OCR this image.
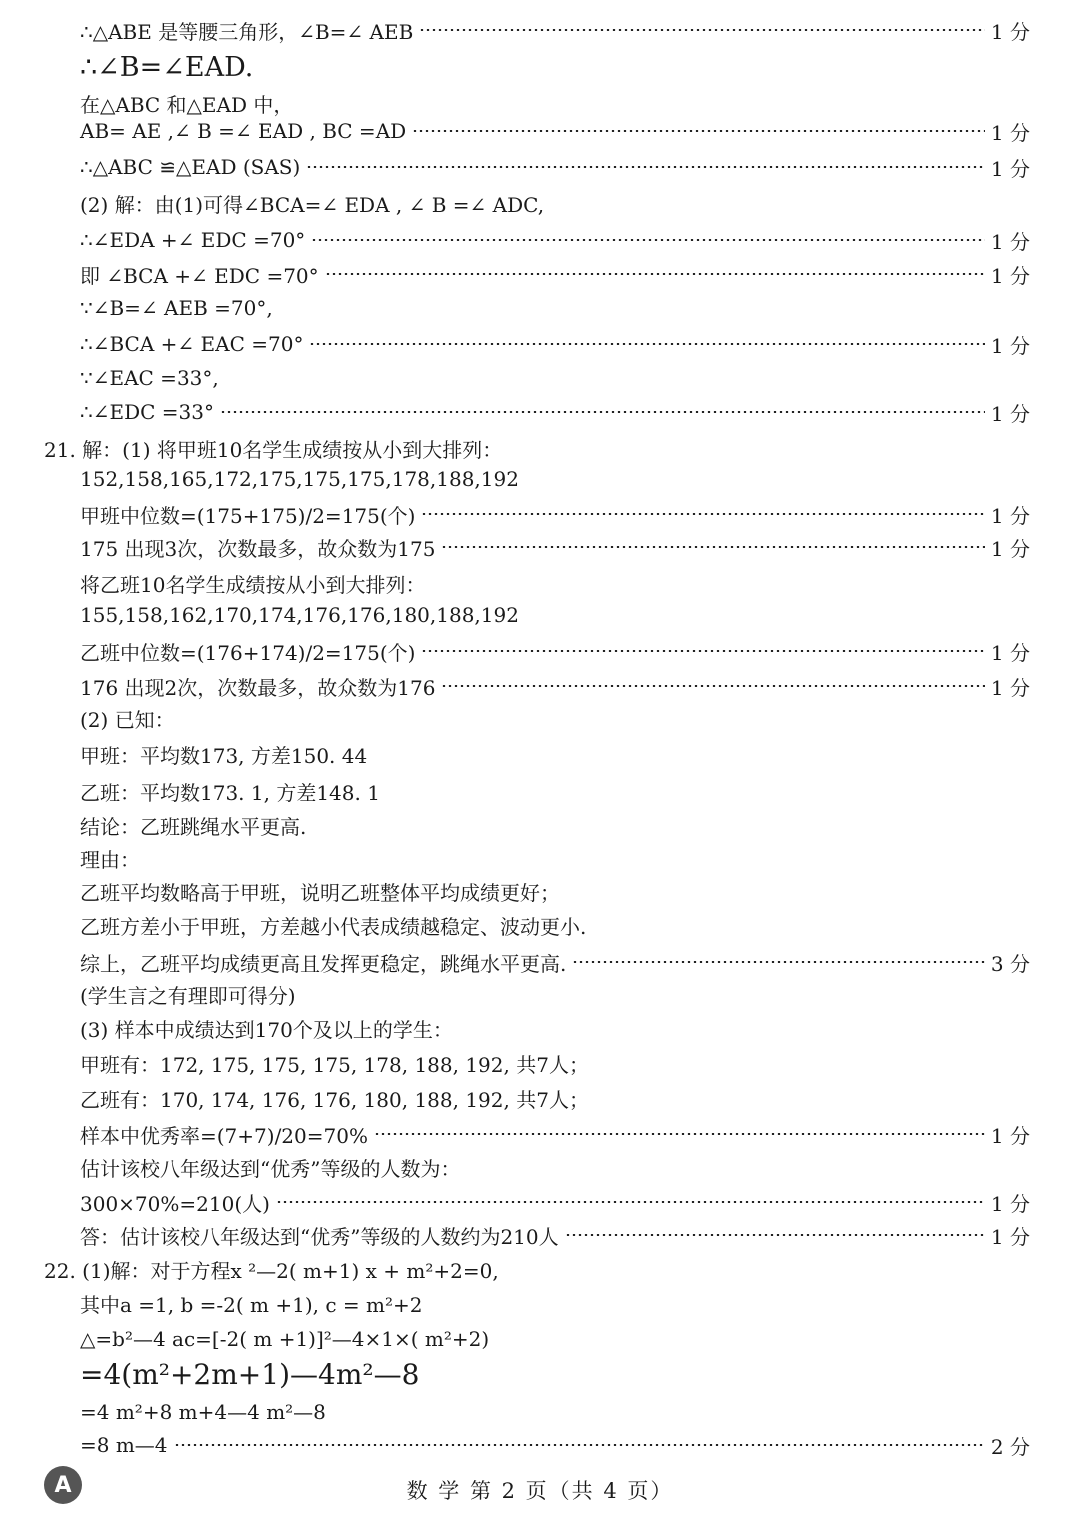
∴△ABE 是等腰三角形，∠B=∠ AEB	1 分
∴∠B=∠EAD.
在△ABC 和△EAD 中，
AB= AE ,∠ B =∠ EAD , BC =AD	1 分
∴△ABC ≌△EAD (SAS)	1 分
(2) 解：由(1)可得∠BCA=∠ EDA , ∠ B =∠ ADC,
∴∠EDA +∠ EDC =70°	1 分
即 ∠BCA +∠ EDC =70°	1 分
∵∠B=∠ AEB =70°,
∴∠BCA +∠ EAC =70°	1 分
∵∠EAC =33°,
∴∠EDC =33°	1 分
21. 解：(1) 将甲班10名学生成绩按从小到大排列：
152,158,165,172,175,175,175,178,188,192
甲班中位数=(175+175)/2=175(个)	1 分
175 出现3次，次数最多，故众数为175	1 分
将乙班10名学生成绩按从小到大排列：
155,158,162,170,174,176,176,180,188,192
乙班中位数=(176+174)/2=175(个)	1 分
176 出现2次，次数最多，故众数为176	1 分
(2) 已知：
甲班：平均数173, 方差150. 44
乙班：平均数173. 1, 方差148. 1
结论：乙班跳绳水平更高.
理由：
乙班平均数略高于甲班，说明乙班整体平均成绩更好；
乙班方差小于甲班，方差越小代表成绩越稳定、波动更小.
综上，乙班平均成绩更高且发挥更稳定，跳绳水平更高.	3 分
(学生言之有理即可得分)
(3) 样本中成绩达到170个及以上的学生：
甲班有：172, 175, 175, 175, 178, 188, 192, 共7人；
乙班有：170, 174, 176, 176, 180, 188, 192, 共7人；
样本中优秀率=(7+7)/20=70%	1 分
估计该校八年级达到“优秀”等级的人数为：
300×70%=210(人)	1 分
答：估计该校八年级达到“优秀”等级的人数约为210人	1 分
22. (1)解：对于方程x ²—2( m+1) x + m²+2=0,
其中a =1, b =-2( m +1), c = m²+2
△=b²—4 ac=[-2( m +1)]²—4×1×( m²+2)
=4(m²+2m+1)—4m²—8
=4 m²+8 m+4—4 m²—8
=8 m—4	2 分
A	数 学 第 2 页（共 4 页）
